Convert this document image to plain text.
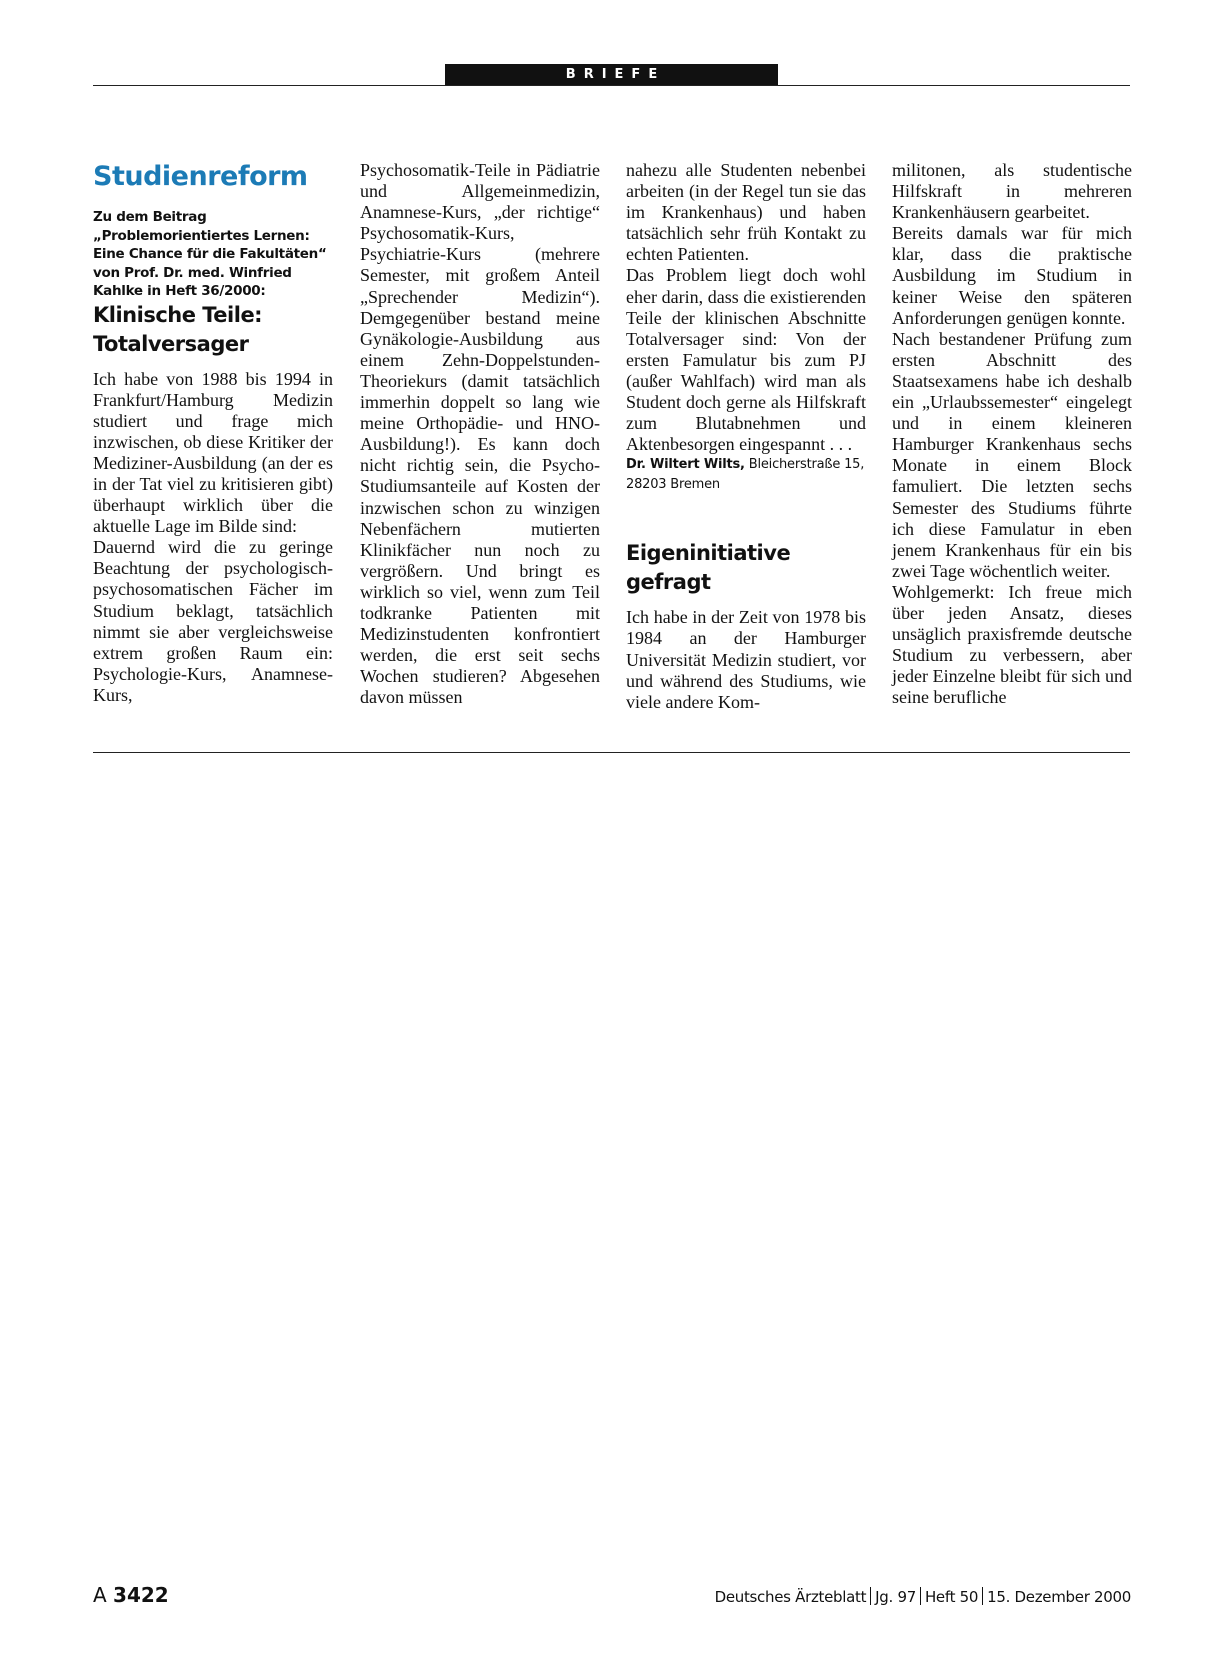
BRIEFE
Studienreform

Zu dem Beitrag „Problemorientiertes Lernen: Eine Chance für die Fakultäten“ von Prof. Dr. med. Winfried Kahlke in Heft 36/2000:

Klinische Teile: Totalversager

Ich habe von 1988 bis 1994 in Frankfurt/Hamburg Medizin studiert und frage mich inzwischen, ob diese Kritiker der Mediziner-Ausbildung (an der es in der Tat viel zu kritisieren gibt) überhaupt wirklich über die aktuelle Lage im Bilde sind:

Dauernd wird die zu geringe Beachtung der psychologisch-psychosomatischen Fächer im Studium beklagt, tatsächlich nimmt sie aber vergleichsweise extrem großen Raum ein: Psychologie-Kurs, Anamnese-Kurs,

Psychosomatik-Teile in Pädiatrie und Allgemeinmedizin, Anamnese-Kurs, „der richtige“ Psychosomatik-Kurs, Psychiatrie-Kurs (mehrere Semester, mit großem Anteil „Sprechender Medizin“). Demgegenüber bestand meine Gynäkologie-Ausbildung aus einem Zehn-Doppelstunden-Theoriekurs (damit tatsächlich immerhin doppelt so lang wie meine Orthopädie- und HNO-Ausbildung!). Es kann doch nicht richtig sein, die Psycho-Studiumsanteile auf Kosten der inzwischen schon zu winzigen Nebenfächern mutierten Klinikfächer nun noch zu vergrößern. Und bringt es wirklich so viel, wenn zum Teil todkranke Patienten mit Medizinstudenten konfrontiert werden, die erst seit sechs Wochen studieren? Abgesehen davon müssen

nahezu alle Studenten nebenbei arbeiten (in der Regel tun sie das im Krankenhaus) und haben tatsächlich sehr früh Kontakt zu echten Patienten.

Das Problem liegt doch wohl eher darin, dass die existierenden Teile der klinischen Abschnitte Totalversager sind: Von der ersten Famulatur bis zum PJ (außer Wahlfach) wird man als Student doch gerne als Hilfskraft zum Blutabnehmen und Aktenbesorgen eingespannt . . .

Dr. Wiltert Wilts, Bleicherstraße 15, 28203 Bremen
Eigeninitiative gefragt

Ich habe in der Zeit von 1978 bis 1984 an der Hamburger Universität Medizin studiert, vor und während des Studiums, wie viele andere Kom-

militonen, als studentische Hilfskraft in mehreren Krankenhäusern gearbeitet.

Bereits damals war für mich klar, dass die praktische Ausbildung im Studium in keiner Weise den späteren Anforderungen genügen konnte.

Nach bestandener Prüfung zum ersten Abschnitt des Staatsexamens habe ich deshalb ein „Urlaubssemester“ eingelegt und in einem kleineren Hamburger Krankenhaus sechs Monate in einem Block famuliert. Die letzten sechs Semester des Studiums führte ich diese Famulatur in eben jenem Krankenhaus für ein bis zwei Tage wöchentlich weiter.

Wohlgemerkt: Ich freue mich über jeden Ansatz, dieses unsäglich praxisfremde deutsche Studium zu verbessern, aber jeder Einzelne bleibt für sich und seine berufliche

A 3422	Deutsches Ärzteblatt Jg. 97 Heft 50 15. Dezember 2000
